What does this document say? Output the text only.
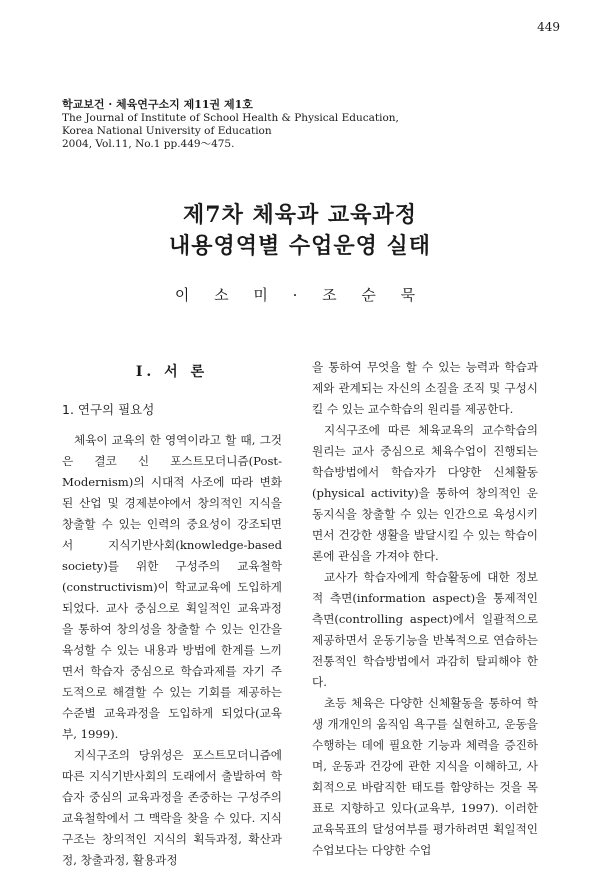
449
학교보건 · 체육연구소지 제11권 제1호
The Journal of Institute of School Health & Physical Education,
Korea National University of Education
2004, Vol.11, No.1 pp.449～475.
제7차 체육과 교육과정
내용영역별 수업운영 실태
이 소 미 · 조 순 묵
Ⅰ. 서 론
1. 연구의 필요성

체육이 교육의 한 영역이라고 할 때, 그것은 결코 신 포스트모더니즘(Post-Modernism)의 시대적 사조에 따라 변화된 산업 및 경제분야에서 창의적인 지식을 창출할 수 있는 인력의 중요성이 강조되면서 지식기반사회(knowledge-based society)를 위한 구성주의 교육철학(constructivism)이 학교교육에 도입하게 되었다. 교사 중심으로 획일적인 교육과정을 통하여 창의성을 창출할 수 있는 인간을 육성할 수 있는 내용과 방법에 한계를 느끼면서 학습자 중심으로 학습과제를 자기 주도적으로 해결할 수 있는 기회를 제공하는 수준별 교육과정을 도입하게 되었다(교육부, 1999).

지식구조의 당위성은 포스트모더니즘에 따른 지식기반사회의 도래에서 출발하여 학습자 중심의 교육과정을 존중하는 구성주의 교육철학에서 그 맥락을 찾을 수 있다. 지식구조는 창의적인 지식의 획득과정, 확산과정, 창출과정, 활용과정

을 통하여 무엇을 할 수 있는 능력과 학습과제와 관계되는 자신의 소질을 조직 및 구성시킬 수 있는 교수학습의 원리를 제공한다.

지식구조에 따른 체육교육의 교수학습의 원리는 교사 중심으로 체육수업이 진행되는 학습방법에서 학습자가 다양한 신체활동(physical activity)을 통하여 창의적인 운동지식을 창출할 수 있는 인간으로 육성시키면서 건강한 생활을 발달시킬 수 있는 학습이론에 관심을 가져야 한다.

교사가 학습자에게 학습활동에 대한 정보적 측면(information aspect)을 통제적인 측면(controlling aspect)에서 일괄적으로 제공하면서 운동기능을 반복적으로 연습하는 전통적인 학습방법에서 과감히 탈피해야 한다.

초등 체육은 다양한 신체활동을 통하여 학생 개개인의 움직임 욕구를 실현하고, 운동을 수행하는 데에 필요한 기능과 체력을 증진하며, 운동과 건강에 관한 지식을 이해하고, 사회적으로 바람직한 태도를 함양하는 것을 목표로 지향하고 있다(교육부, 1997). 이러한 교육목표의 달성여부를 평가하려면 획일적인 수업보다는 다양한 수업
